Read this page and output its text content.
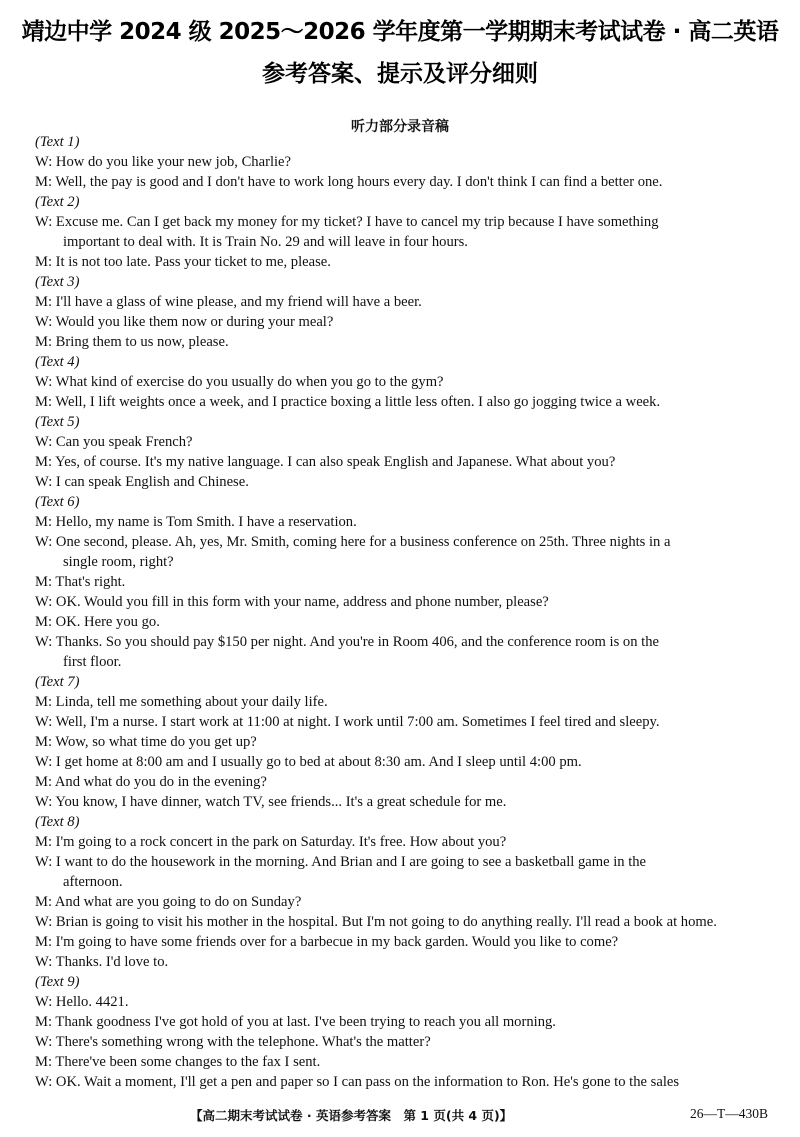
靖边中学 2024 级 2025～2026 学年度第一学期期末考试试卷 · 高二英语
参考答案、提示及评分细则
听力部分录音稿
(Text 1)
W: How do you like your new job, Charlie?
M: Well, the pay is good and I don't have to work long hours every day. I don't think I can find a better one.
(Text 2)
W: Excuse me. Can I get back my money for my ticket? I have to cancel my trip because I have something
important to deal with. It is Train No. 29 and will leave in four hours.
M: It is not too late. Pass your ticket to me, please.
(Text 3)
M: I'll have a glass of wine please, and my friend will have a beer.
W: Would you like them now or during your meal?
M: Bring them to us now, please.
(Text 4)
W: What kind of exercise do you usually do when you go to the gym?
M: Well, I lift weights once a week, and I practice boxing a little less often. I also go jogging twice a week.
(Text 5)
W: Can you speak French?
M: Yes, of course. It's my native language. I can also speak English and Japanese. What about you?
W: I can speak English and Chinese.
(Text 6)
M: Hello, my name is Tom Smith. I have a reservation.
W: One second, please. Ah, yes, Mr. Smith, coming here for a business conference on 25th. Three nights in a
single room, right?
M: That's right.
W: OK. Would you fill in this form with your name, address and phone number, please?
M: OK. Here you go.
W: Thanks. So you should pay $150 per night. And you're in Room 406, and the conference room is on the
first floor.
(Text 7)
M: Linda, tell me something about your daily life.
W: Well, I'm a nurse. I start work at 11:00 at night. I work until 7:00 am. Sometimes I feel tired and sleepy.
M: Wow, so what time do you get up?
W: I get home at 8:00 am and I usually go to bed at about 8:30 am. And I sleep until 4:00 pm.
M: And what do you do in the evening?
W: You know, I have dinner, watch TV, see friends... It's a great schedule for me.
(Text 8)
M: I'm going to a rock concert in the park on Saturday. It's free. How about you?
W: I want to do the housework in the morning. And Brian and I are going to see a basketball game in the
afternoon.
M: And what are you going to do on Sunday?
W: Brian is going to visit his mother in the hospital. But I'm not going to do anything really. I'll read a book at home.
M: I'm going to have some friends over for a barbecue in my back garden. Would you like to come?
W: Thanks. I'd love to.
(Text 9)
W: Hello. 4421.
M: Thank goodness I've got hold of you at last. I've been trying to reach you all morning.
W: There's something wrong with the telephone. What's the matter?
M: There've been some changes to the fax I sent.
W: OK. Wait a moment, I'll get a pen and paper so I can pass on the information to Ron. He's gone to the sales
【高二期末考试试卷 · 英语参考答案　第 1 页(共 4 页)】	26—T—430B
